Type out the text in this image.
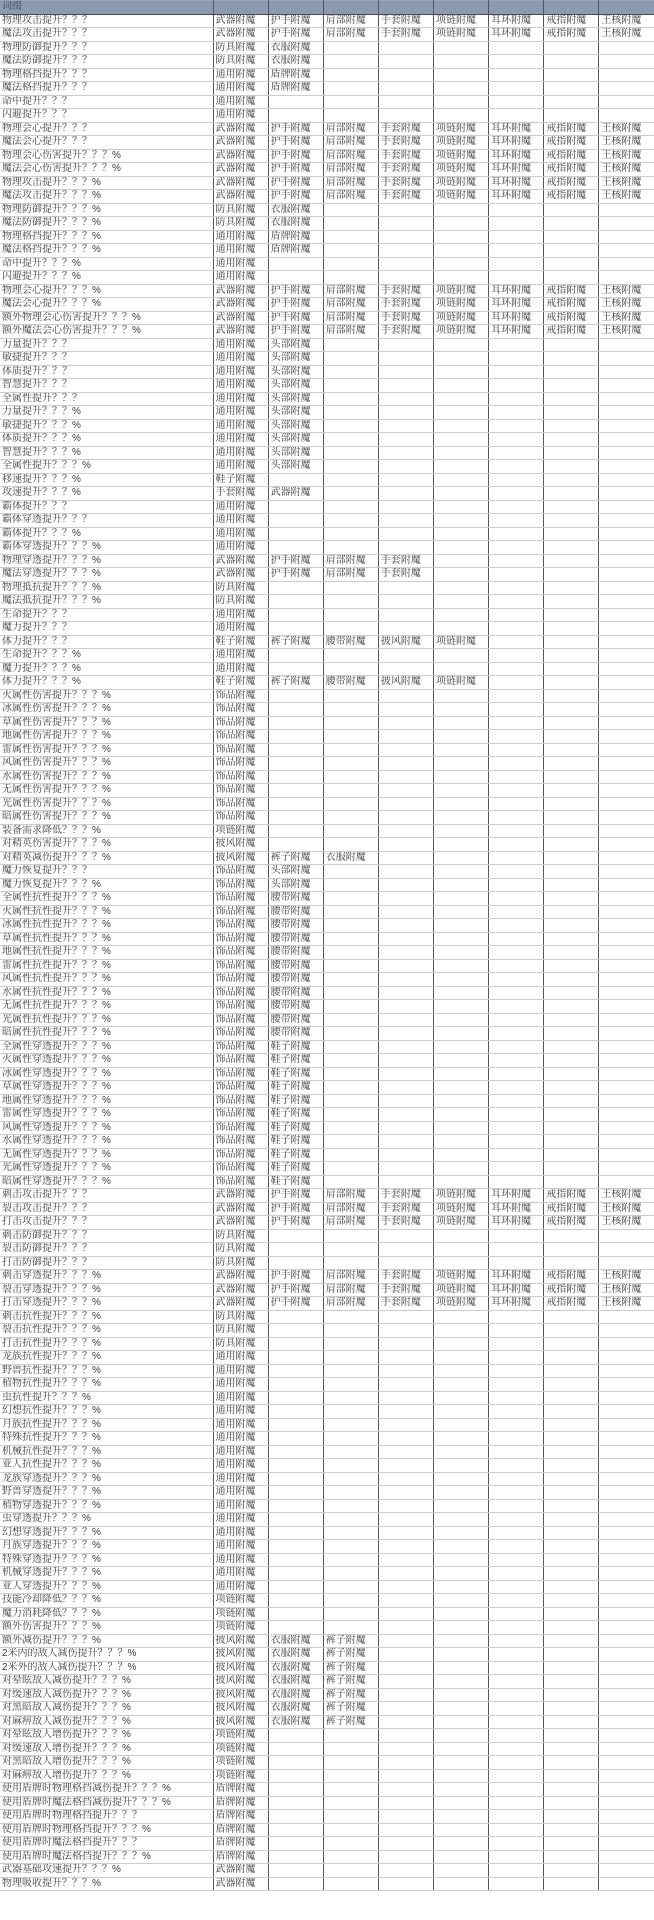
词缀								
物理攻击提升？？？	武器附魔	护手附魔	肩部附魔	手套附魔	项链附魔	耳环附魔	戒指附魔	王核附魔
魔法攻击提升？？？	武器附魔	护手附魔	肩部附魔	手套附魔	项链附魔	耳环附魔	戒指附魔	王核附魔
物理防御提升？？？	防具附魔	衣服附魔						
魔法防御提升？？？	防具附魔	衣服附魔						
物理格挡提升？？？	通用附魔	盾牌附魔						
魔法格挡提升？？？	通用附魔	盾牌附魔						
命中提升？？？	通用附魔							
闪避提升？？？	通用附魔							
物理会心提升？？？	武器附魔	护手附魔	肩部附魔	手套附魔	项链附魔	耳环附魔	戒指附魔	王核附魔
魔法会心提升？？？	武器附魔	护手附魔	肩部附魔	手套附魔	项链附魔	耳环附魔	戒指附魔	王核附魔
物理会心伤害提升？？？%	武器附魔	护手附魔	肩部附魔	手套附魔	项链附魔	耳环附魔	戒指附魔	王核附魔
魔法会心伤害提升？？？%	武器附魔	护手附魔	肩部附魔	手套附魔	项链附魔	耳环附魔	戒指附魔	王核附魔
物理攻击提升？？？%	武器附魔	护手附魔	肩部附魔	手套附魔	项链附魔	耳环附魔	戒指附魔	王核附魔
魔法攻击提升？？？%	武器附魔	护手附魔	肩部附魔	手套附魔	项链附魔	耳环附魔	戒指附魔	王核附魔
物理防御提升？？？%	防具附魔	衣服附魔						
魔法防御提升？？？%	防具附魔	衣服附魔						
物理格挡提升？？？%	通用附魔	盾牌附魔						
魔法格挡提升？？？%	通用附魔	盾牌附魔						
命中提升？？？%	通用附魔							
闪避提升？？？%	通用附魔							
物理会心提升？？？%	武器附魔	护手附魔	肩部附魔	手套附魔	项链附魔	耳环附魔	戒指附魔	王核附魔
魔法会心提升？？？%	武器附魔	护手附魔	肩部附魔	手套附魔	项链附魔	耳环附魔	戒指附魔	王核附魔
额外物理会心伤害提升？？？%	武器附魔	护手附魔	肩部附魔	手套附魔	项链附魔	耳环附魔	戒指附魔	王核附魔
额外魔法会心伤害提升？？？%	武器附魔	护手附魔	肩部附魔	手套附魔	项链附魔	耳环附魔	戒指附魔	王核附魔
力量提升？？？	通用附魔	头部附魔						
敏捷提升？？？	通用附魔	头部附魔						
体质提升？？？	通用附魔	头部附魔						
智慧提升？？？	通用附魔	头部附魔						
全属性提升？？？	通用附魔	头部附魔						
力量提升？？？%	通用附魔	头部附魔						
敏捷提升？？？%	通用附魔	头部附魔						
体质提升？？？%	通用附魔	头部附魔						
智慧提升？？？%	通用附魔	头部附魔						
全属性提升？？？%	通用附魔	头部附魔						
移速提升？？？%	鞋子附魔							
攻速提升？？？%	手套附魔	武器附魔						
霸体提升？？？	通用附魔							
霸体穿透提升？？？	通用附魔							
霸体提升？？？%	通用附魔							
霸体穿透提升？？？%	通用附魔							
物理穿透提升？？？%	武器附魔	护手附魔	肩部附魔	手套附魔				
魔法穿透提升？？？%	武器附魔	护手附魔	肩部附魔	手套附魔				
物理抵抗提升？？？%	防具附魔							
魔法抵抗提升？？？%	防具附魔							
生命提升？？？	通用附魔							
魔力提升？？？	通用附魔							
体力提升？？？	鞋子附魔	裤子附魔	腰带附魔	披风附魔	项链附魔			
生命提升？？？%	通用附魔							
魔力提升？？？%	通用附魔							
体力提升？？？%	鞋子附魔	裤子附魔	腰带附魔	披风附魔	项链附魔			
火属性伤害提升？？？%	饰品附魔							
冰属性伤害提升？？？%	饰品附魔							
草属性伤害提升？？？%	饰品附魔							
地属性伤害提升？？？%	饰品附魔							
雷属性伤害提升？？？%	饰品附魔							
风属性伤害提升？？？%	饰品附魔							
水属性伤害提升？？？%	饰品附魔							
无属性伤害提升？？？%	饰品附魔							
光属性伤害提升？？？%	饰品附魔							
暗属性伤害提升？？？%	饰品附魔							
装备需求降低？？？%	项链附魔							
对精英伤害提升？？？%	披风附魔							
对精英减伤提升？？？%	披风附魔	裤子附魔	衣服附魔					
魔力恢复提升？？？	饰品附魔	头部附魔						
魔力恢复提升？？？%	饰品附魔	头部附魔						
全属性抗性提升？？？%	饰品附魔	腰带附魔						
火属性抗性提升？？？%	饰品附魔	腰带附魔						
冰属性抗性提升？？？%	饰品附魔	腰带附魔						
草属性抗性提升？？？%	饰品附魔	腰带附魔						
地属性抗性提升？？？%	饰品附魔	腰带附魔						
雷属性抗性提升？？？%	饰品附魔	腰带附魔						
风属性抗性提升？？？%	饰品附魔	腰带附魔						
水属性抗性提升？？？%	饰品附魔	腰带附魔						
无属性抗性提升？？？%	饰品附魔	腰带附魔						
光属性抗性提升？？？%	饰品附魔	腰带附魔						
暗属性抗性提升？？？%	饰品附魔	腰带附魔						
全属性穿透提升？？？%	饰品附魔	鞋子附魔						
火属性穿透提升？？？%	饰品附魔	鞋子附魔						
冰属性穿透提升？？？%	饰品附魔	鞋子附魔						
草属性穿透提升？？？%	饰品附魔	鞋子附魔						
地属性穿透提升？？？%	饰品附魔	鞋子附魔						
雷属性穿透提升？？？%	饰品附魔	鞋子附魔						
风属性穿透提升？？？%	饰品附魔	鞋子附魔						
水属性穿透提升？？？%	饰品附魔	鞋子附魔						
无属性穿透提升？？？%	饰品附魔	鞋子附魔						
光属性穿透提升？？？%	饰品附魔	鞋子附魔						
暗属性穿透提升？？？%	饰品附魔	鞋子附魔						
刺击攻击提升？？？	武器附魔	护手附魔	肩部附魔	手套附魔	项链附魔	耳环附魔	戒指附魔	王核附魔
裂击攻击提升？？？	武器附魔	护手附魔	肩部附魔	手套附魔	项链附魔	耳环附魔	戒指附魔	王核附魔
打击攻击提升？？？	武器附魔	护手附魔	肩部附魔	手套附魔	项链附魔	耳环附魔	戒指附魔	王核附魔
刺击防御提升？？？	防具附魔							
裂击防御提升？？？	防具附魔							
打击防御提升？？？	防具附魔							
刺击穿透提升？？？%	武器附魔	护手附魔	肩部附魔	手套附魔	项链附魔	耳环附魔	戒指附魔	王核附魔
裂击穿透提升？？？%	武器附魔	护手附魔	肩部附魔	手套附魔	项链附魔	耳环附魔	戒指附魔	王核附魔
打击穿透提升？？？%	武器附魔	护手附魔	肩部附魔	手套附魔	项链附魔	耳环附魔	戒指附魔	王核附魔
刺击抗性提升？？？%	防具附魔							
裂击抗性提升？？？%	防具附魔							
打击抗性提升？？？%	防具附魔							
龙族抗性提升？？？%	通用附魔							
野兽抗性提升？？？%	通用附魔							
植物抗性提升？？？%	通用附魔							
虫抗性提升？？？%	通用附魔							
幻想抗性提升？？？%	通用附魔							
月族抗性提升？？？%	通用附魔							
特殊抗性提升？？？%	通用附魔							
机械抗性提升？？？%	通用附魔							
亚人抗性提升？？？%	通用附魔							
龙族穿透提升？？？%	通用附魔							
野兽穿透提升？？？%	通用附魔							
植物穿透提升？？？%	通用附魔							
虫穿透提升？？？%	通用附魔							
幻想穿透提升？？？%	通用附魔							
月族穿透提升？？？%	通用附魔							
特殊穿透提升？？？%	通用附魔							
机械穿透提升？？？%	通用附魔							
亚人穿透提升？？？%	通用附魔							
技能冷却降低？？？%	项链附魔							
魔力消耗降低？？？%	项链附魔							
额外伤害提升？？？%	项链附魔							
额外减伤提升？？？%	披风附魔	衣服附魔	裤子附魔					
2米内的敌人减伤提升？？？%	披风附魔	衣服附魔	裤子附魔					
2米外的敌人减伤提升？？？%	披风附魔	衣服附魔	裤子附魔					
对晕眩敌人减伤提升？？？%	披风附魔	衣服附魔	裤子附魔					
对缓速敌人减伤提升？？？%	披风附魔	衣服附魔	裤子附魔					
对黑暗敌人减伤提升？？？%	披风附魔	衣服附魔	裤子附魔					
对麻痹敌人减伤提升？？？%	披风附魔	衣服附魔	裤子附魔					
对晕眩敌人增伤提升？？？%	项链附魔							
对缓速敌人增伤提升？？？%	项链附魔							
对黑暗敌人增伤提升？？？%	项链附魔							
对麻痹敌人增伤提升？？？%	项链附魔							
使用盾牌时物理格挡减伤提升？？？%	盾牌附魔							
使用盾牌时魔法格挡减伤提升？？？%	盾牌附魔							
使用盾牌时物理格挡提升？？？	盾牌附魔							
使用盾牌时物理格挡提升？？？%	盾牌附魔							
使用盾牌时魔法格挡提升？？？	盾牌附魔							
使用盾牌时魔法格挡提升？？？%	盾牌附魔							
武器基础攻速提升？？？%	武器附魔							
物理吸收提升？？？%	武器附魔							
